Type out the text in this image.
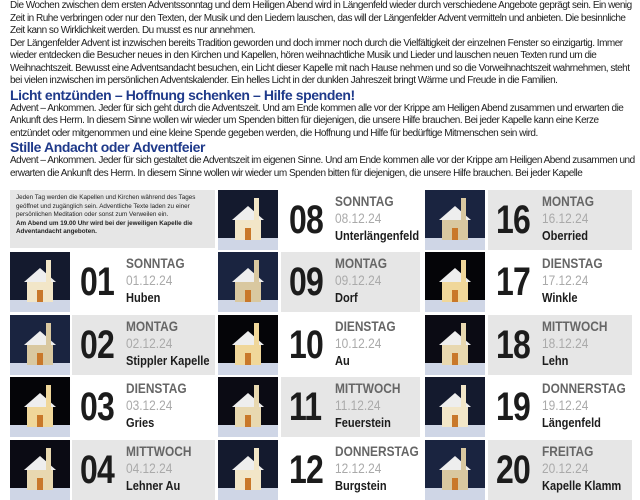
Die Wochen zwischen dem ersten Adventssonntag und dem Heiligen Abend wird in Längenfeld wieder durch verschiedene Angebote geprägt sein. Ein wenig Zeit in Ruhe verbringen oder nur den Texten, der Musik und den Liedern lauschen, das will der Längenfelder Advent vermitteln und anbieten. Die besinnliche Zeit kann so Wirklichkeit werden. Du musst es nur annehmen.

Der Längenfelder Advent ist inzwischen bereits Tradition geworden und doch immer noch durch die Vielfältigkeit der einzelnen Fenster so einzigartig. Immer wieder entdecken die Besucher neues in den Kirchen und Kapellen, hören weihnachtliche Musik und Lieder und lauschen neuen Texten rund um die Weihnachtszeit. Bewusst eine Adventsandacht besuchen, ein Licht dieser Kapelle mit nach Hause nehmen und so die Vorweihnachtszeit wahrnehmen, steht bei vielen inzwischen im persönlichen Adventskalender. Ein helles Licht in der dunklen Jahreszeit bringt Wärme und Freude in die Familien.

Licht entzünden – Hoffnung schenken – Hilfe spenden!

Advent – Ankommen. Jeder für sich geht durch die Adventszeit. Und am Ende kommen alle vor der Krippe am Heiligen Abend zusammen und erwarten die Ankunft des Herrn. In diesem Sinne wollen wir wieder um Spenden bitten für diejenigen, die unsere Hilfe brauchen. Bei jeder Kapelle kann eine Kerze entzündet oder mitgenommen und eine kleine Spende gegeben werden, die Hoffnung und Hilfe für bedürftige Mitmenschen sein wird.

Stille Andacht oder Adventfeier

Advent – Ankommen. Jeder für sich gestaltet die Adventszeit im eigenen Sinne. Und am Ende kommen alle vor der Krippe am Heiligen Abend zusammen und erwarten die Ankunft des Herrn. In diesem Sinne wollen wir wieder um Spenden bitten für diejenigen, die unsere Hilfe brauchen. Bei jeder Kapelle

Jeden Tag werden die Kapellen und Kirchen während des Tages geöffnet und zugänglich sein. Adventliche Texte laden zu einer persönlichen Meditation oder sonst zum Verweilen ein.
Am Abend um 19.00 Uhr wird bei der jeweiligen Kapelle die Adventandacht angeboten.
01 SONNTAG
01.12.24
Huben
02 MONTAG
02.12.24
Stippler Kapelle
03 DIENSTAG
03.12.24
Gries
04 MITTWOCH
04.12.24
Lehner Au
08 SONNTAG
08.12.24
Unterlängenfeld
09 MONTAG
09.12.24
Dorf
10 DIENSTAG
10.12.24
Au
11 MITTWOCH
11.12.24
Feuerstein
12 DONNERSTAG
12.12.24
Burgstein
16 MONTAG
16.12.24
Oberried
17 DIENSTAG
17.12.24
Winkle
18 MITTWOCH
18.12.24
Lehn
19 DONNERSTAG
19.12.24
Längenfeld
20 FREITAG
20.12.24
Kapelle Klamm
